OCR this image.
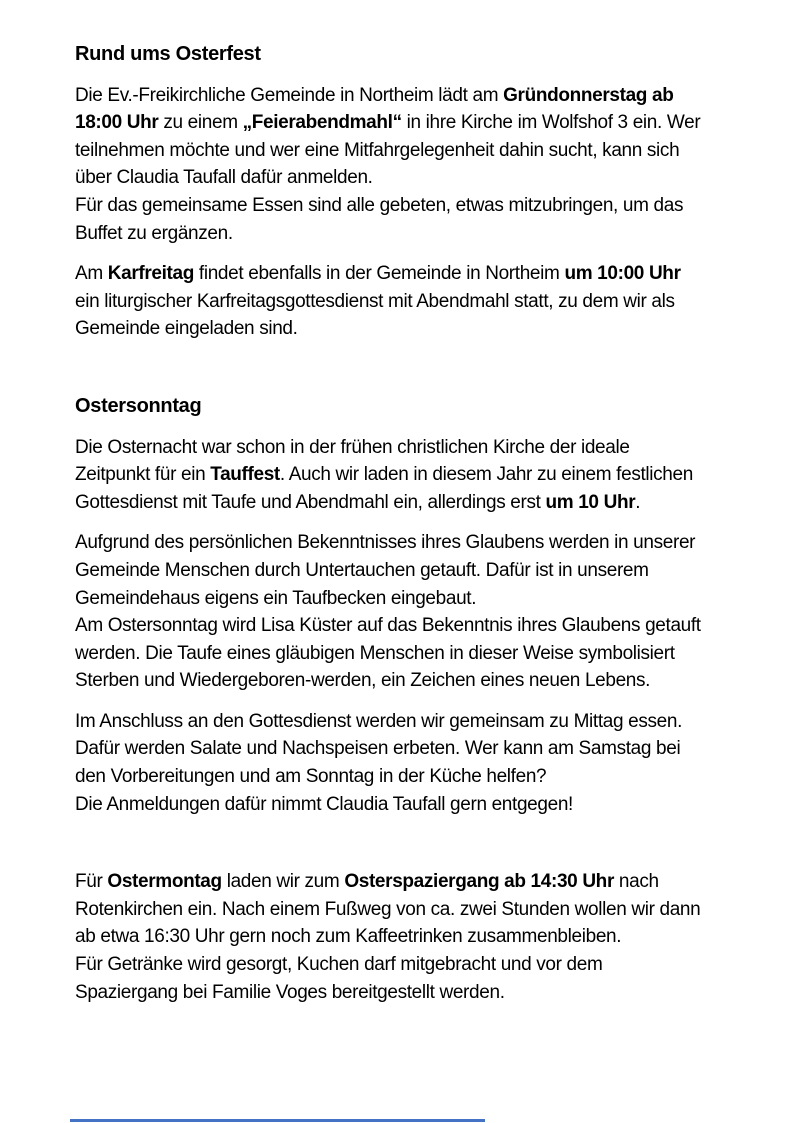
Rund ums Osterfest
Die Ev.-Freikirchliche Gemeinde in Northeim lädt am Gründonnerstag ab
18:00 Uhr zu einem „Feierabendmahl“ in ihre Kirche im Wolfshof 3 ein. Wer
teilnehmen möchte und wer eine Mitfahrgelegenheit dahin sucht, kann sich
über Claudia Taufall dafür anmelden.
Für das gemeinsame Essen sind alle gebeten, etwas mitzubringen, um das
Buffet zu ergänzen.
Am Karfreitag findet ebenfalls in der Gemeinde in Northeim um 10:00 Uhr
ein liturgischer Karfreitagsgottesdienst mit Abendmahl statt, zu dem wir als
Gemeinde eingeladen sind.
Ostersonntag
Die Osternacht war schon in der frühen christlichen Kirche der ideale
Zeitpunkt für ein Tauffest. Auch wir laden in diesem Jahr zu einem festlichen
Gottesdienst mit Taufe und Abendmahl ein, allerdings erst um 10 Uhr.
Aufgrund des persönlichen Bekenntnisses ihres Glaubens werden in unserer
Gemeinde Menschen durch Untertauchen getauft. Dafür ist in unserem
Gemeindehaus eigens ein Taufbecken eingebaut.
Am Ostersonntag wird Lisa Küster auf das Bekenntnis ihres Glaubens getauft
werden. Die Taufe eines gläubigen Menschen in dieser Weise symbolisiert
Sterben und Wiedergeboren-werden, ein Zeichen eines neuen Lebens.
Im Anschluss an den Gottesdienst werden wir gemeinsam zu Mittag essen.
Dafür werden Salate und Nachspeisen erbeten. Wer kann am Samstag bei
den Vorbereitungen und am Sonntag in der Küche helfen?
Die Anmeldungen dafür nimmt Claudia Taufall gern entgegen!
Für Ostermontag laden wir zum Osterspaziergang ab 14:30 Uhr nach
Rotenkirchen ein. Nach einem Fußweg von ca. zwei Stunden wollen wir dann
ab etwa 16:30 Uhr gern noch zum Kaffeetrinken zusammenbleiben.
Für Getränke wird gesorgt, Kuchen darf mitgebracht und vor dem
Spaziergang bei Familie Voges bereitgestellt werden.
